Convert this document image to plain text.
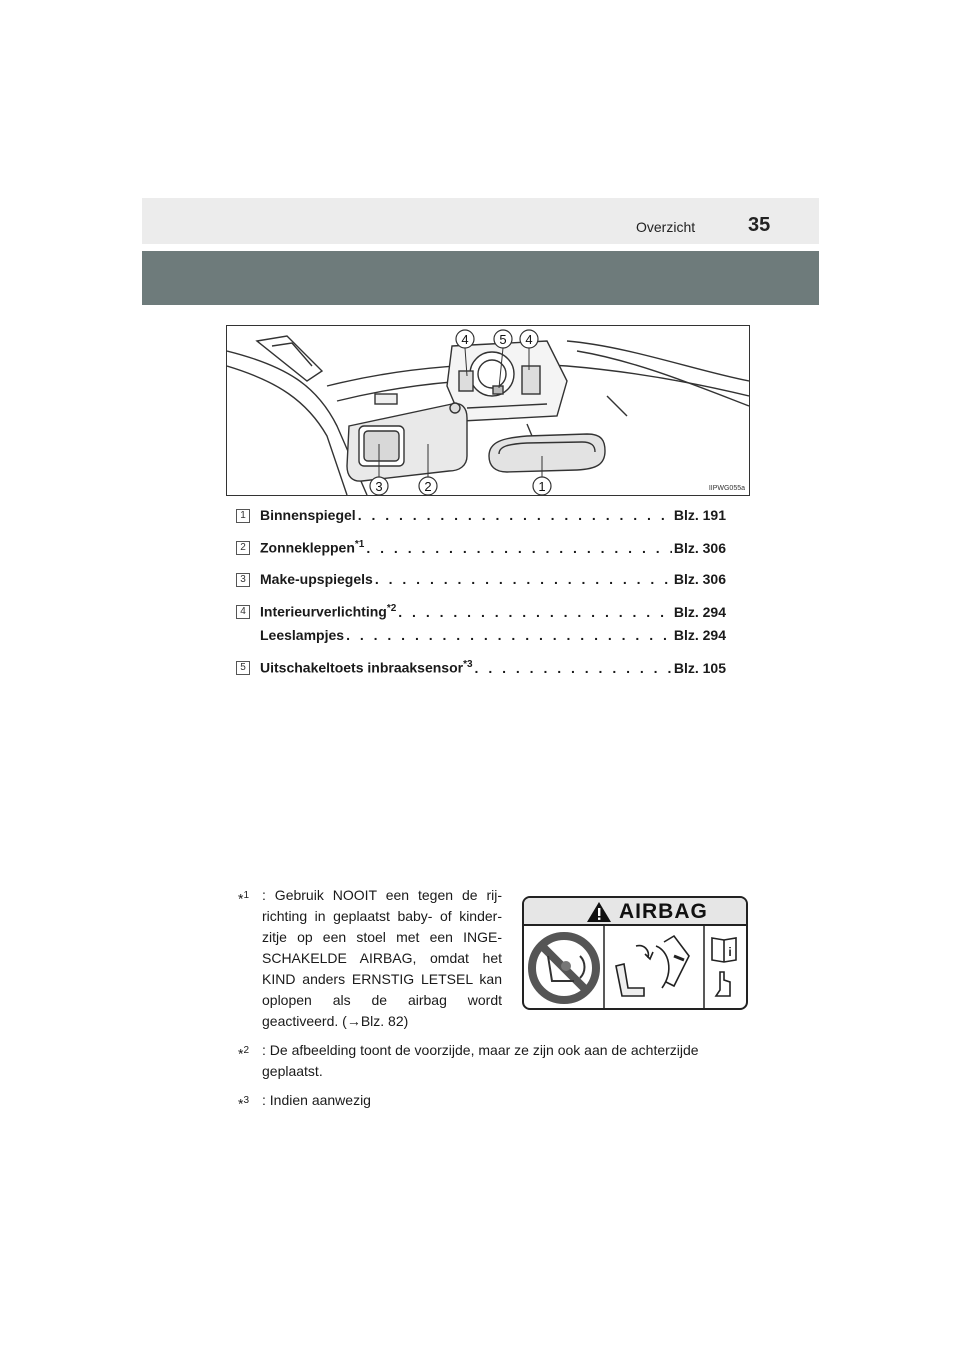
Overzicht	35
4 5 4
3	2	1	IIPWG055a
1	Binnenspiegel . . .	Blz. 191
2	Zonnekleppen$^{*1}$ . . .	Blz. 306
3	Make-upspiegels . . .	Blz. 306
4	Interieurverlichting$^{*2}$ . . .	Blz. 294
Leeslampjes . . .	Blz. 294
5	Uitschakeltoets inbraaksensor$^{*3}$ . . .	Blz. 105
*$^1$ : Gebruik NOOIT een tegen de rij-richting in geplaatst baby- of kinder-zitje op een stoel met een INGE-SCHAKELDE AIRBAG, omdat het KIND anders ERNSTIG LETSEL kan oplopen als de airbag wordt geactiveerd. (→Blz. 82)
*$^2$ : De afbeelding toont de voorzijde, maar ze zijn ook aan de achterzijde geplaatst.
*$^3$ : Indien aanwezig
AIRBAG
i
